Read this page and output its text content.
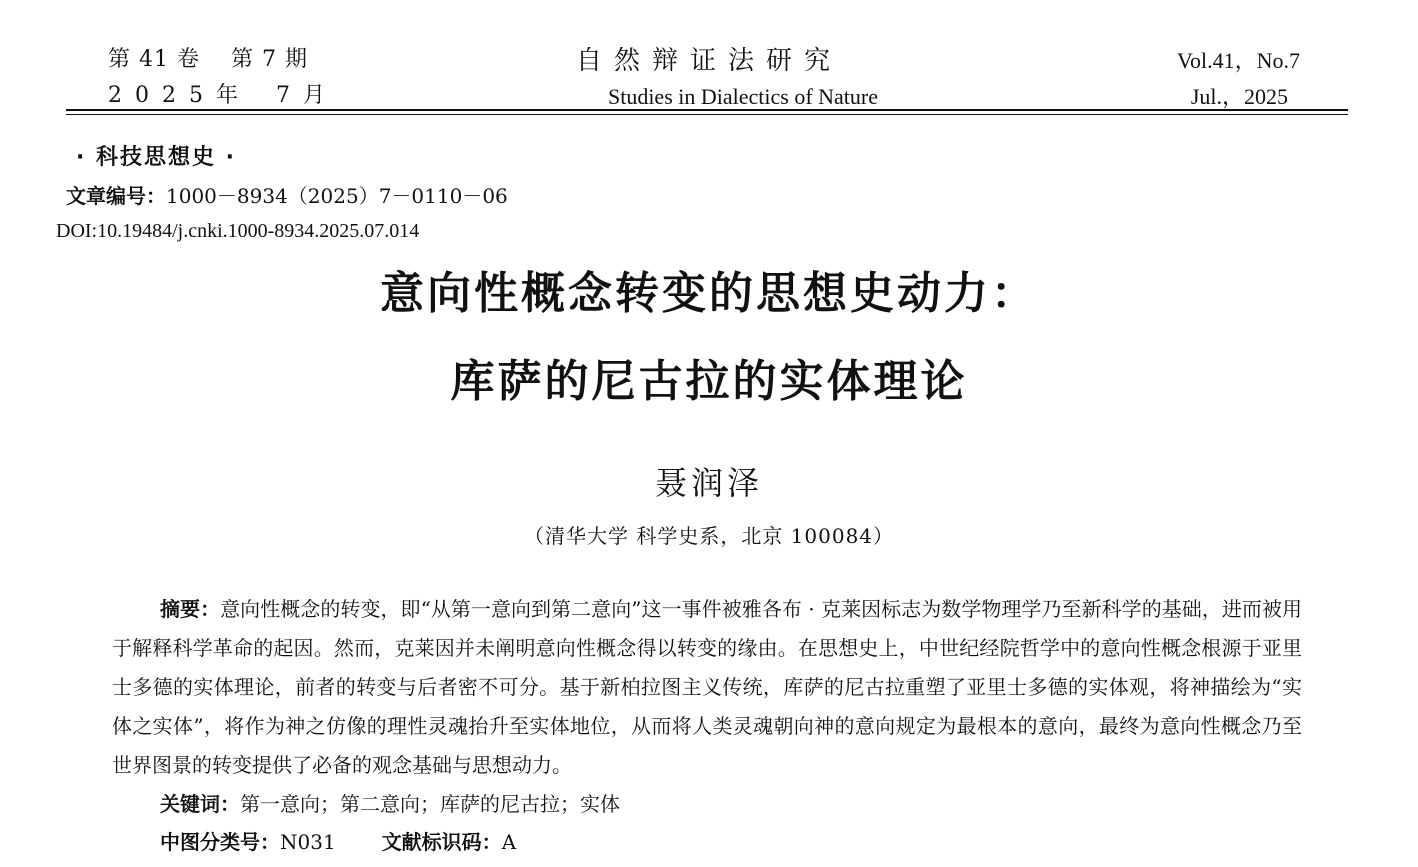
第 41 卷　 第 7 期
2 0 2 5 年　 7 月
自然辩证法研究
Studies in Dialectics of Nature
Vol.41，No.7
Jul.，2025
· 科技思想史 ·
文章编号：1000－8934（2025）7－0110－06
DOI:10.19484/j.cnki.1000-8934.2025.07.014
意向性概念转变的思想史动力：
库萨的尼古拉的实体理论
聂润泽
（清华大学 科学史系，北京 100084）

摘要：意向性概念的转变，即“从第一意向到第二意向”这一事件被雅各布 · 克莱因标志为数学物理学乃至新科学的基础，进而被用于解释科学革命的起因。然而，克莱因并未阐明意向性概念得以转变的缘由。在思想史上，中世纪经院哲学中的意向性概念根源于亚里士多德的实体理论，前者的转变与后者密不可分。基于新柏拉图主义传统，库萨的尼古拉重塑了亚里士多德的实体观，将神描绘为“实体之实体”，将作为神之仿像的理性灵魂抬升至实体地位，从而将人类灵魂朝向神的意向规定为最根本的意向，最终为意向性概念乃至世界图景的转变提供了必备的观念基础与思想动力。

关键词：第一意向；第二意向；库萨的尼古拉；实体
中图分类号：N031 文献标识码：A
